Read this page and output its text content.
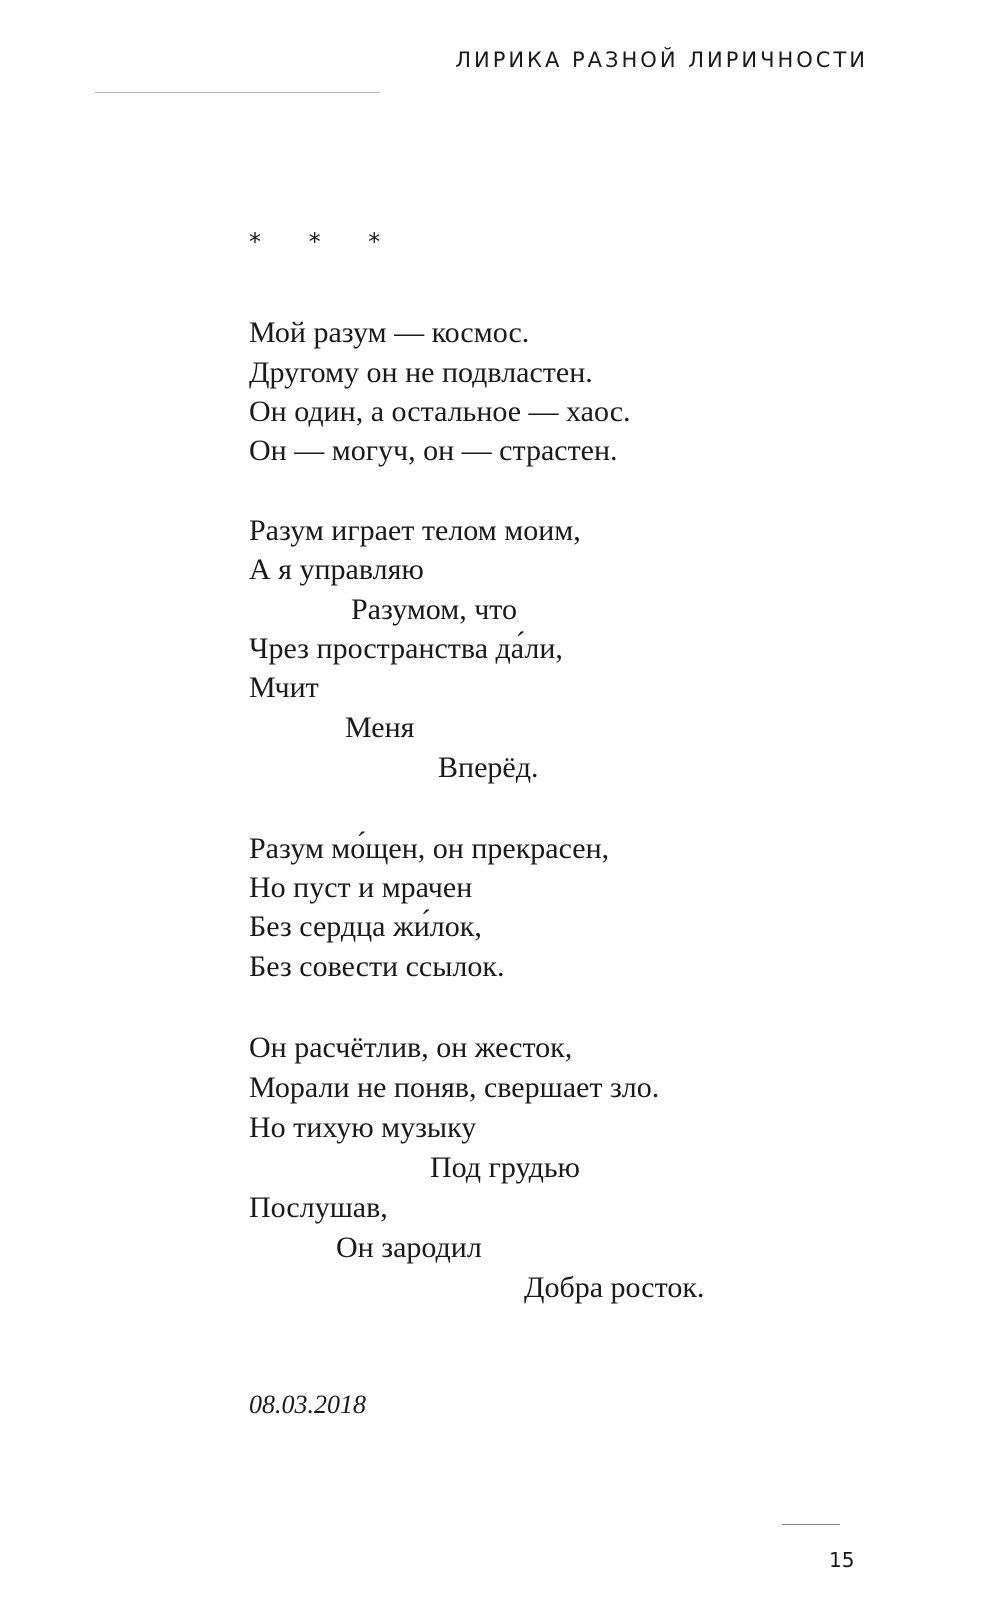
ЛИРИКА РАЗНОЙ ЛИРИЧНОСТИ
* * *
Мой разум — космос.
Другому он не подвластен.
Он один, а остальное — хаос.
Он — могуч, он — страстен.
Разум играет телом моим,
А я управляю
Разумом, что
Чрез пространства да́ли,
Мчит
Меня
Вперёд.
Разум мо́щен, он прекрасен,
Но пуст и мрачен
Без сердца жи́лок,
Без совести ссылок.
Он расчётлив, он жесток,
Морали не поняв, свершает зло.
Но тихую музыку
Под грудью
Послушав,
Он зародил
Добра росток.
08.03.2018
15
